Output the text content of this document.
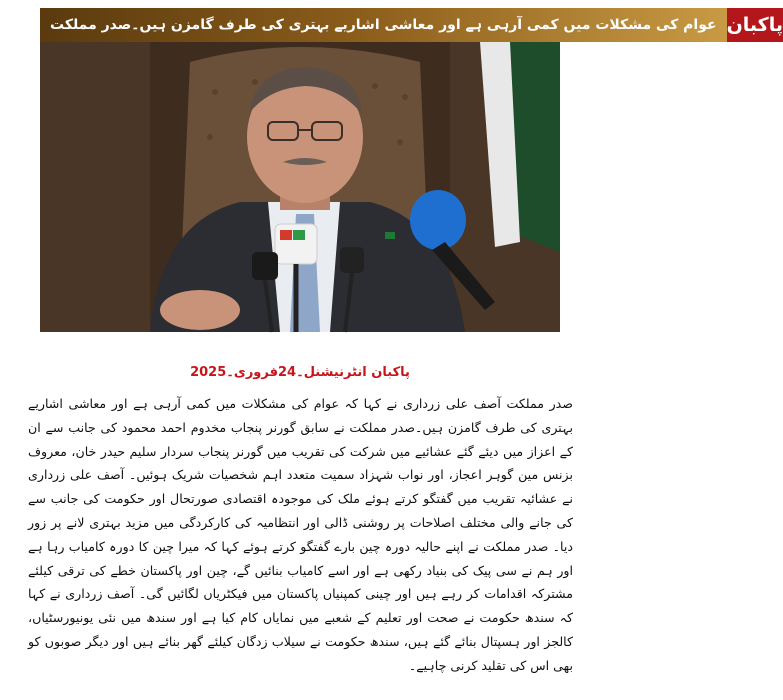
عوام کی مشکلات میں کمی آرہی ہے اور معاشی اشاریے بہتری کی طرف گامزن ہیں۔صدر مملکت پاکبان
پاکبان انٹرنیشنل۔24فروری۔2025
صدر مملکت آصف علی زرداری نے کہا کہ عوام کی مشکلات میں کمی آرہی ہے اور معاشی اشاریے بہتری کی طرف گامزن ہیں۔صدر مملکت نے سابق گورنر پنجاب مخدوم احمد محمود کی جانب سے ان کے اعزاز میں دیئے گئے عشائیے میں شرکت کی تقریب میں گورنر پنجاب سردار سلیم حیدر خان، معروف بزنس مین گوہر اعجاز، اور نواب شہزاد سمیت متعدد اہم شخصیات شریک ہوئیں۔ آصف علی زرداری نے عشائیہ تقریب میں گفتگو کرتے ہوئے ملک کی موجودہ اقتصادی صورتحال اور حکومت کی جانب سے کی جانے والی مختلف اصلاحات پر روشنی ڈالی اور انتظامیہ کی کارکردگی میں مزید بہتری لانے پر زور دیا۔ صدر مملکت نے اپنے حالیہ دورہ چین بارے گفتگو کرتے ہوئے کہا کہ میرا چین کا دورہ کامیاب رہا ہے اور ہم نے سی پیک کی بنیاد رکھی ہے اور اسے کامیاب بنائیں گے، چین اور پاکستان خطے کی ترقی کیلئے مشترکہ اقدامات کر رہے ہیں اور چینی کمپنیاں پاکستان میں فیکٹریاں لگائیں گی۔ آصف زرداری نے کہا کہ سندھ حکومت نے صحت اور تعلیم کے شعبے میں نمایاں کام کیا ہے اور سندھ میں نئی یونیورسٹیاں، کالجز اور ہسپتال بنائے گئے ہیں، سندھ حکومت نے سیلاب زدگان کیلئے گھر بنائے ہیں اور دیگر صوبوں کو بھی اس کی تقلید کرنی چاہیے۔
